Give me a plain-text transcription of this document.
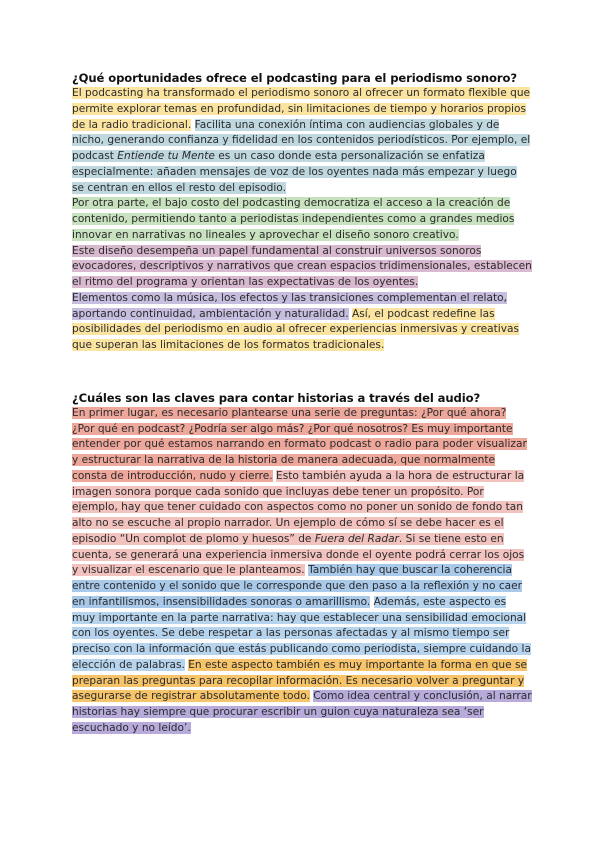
¿Qué oportunidades ofrece el podcasting para el periodismo sonoro?

El podcasting ha transformado el periodismo sonoro al ofrecer un formato flexible que permite explorar temas en profundidad, sin limitaciones de tiempo y horarios propios de la radio tradicional. Facilita una conexión íntima con audiencias globales y de nicho, generando confianza y fidelidad en los contenidos periodísticos. Por ejemplo, el podcast Entiende tu Mente es un caso donde esta personalización se enfatiza especialmente: añaden mensajes de voz de los oyentes nada más empezar y luego se centran en ellos el resto del episodio.
Por otra parte, el bajo costo del podcasting democratiza el acceso a la creación de contenido, permitiendo tanto a periodistas independientes como a grandes medios innovar en narrativas no lineales y aprovechar el diseño sonoro creativo.
Este diseño desempeña un papel fundamental al construir universos sonoros evocadores, descriptivos y narrativos que crean espacios tridimensionales, establecen el ritmo del programa y orientan las expectativas de los oyentes.
Elementos como la música, los efectos y las transiciones complementan el relato, aportando continuidad, ambientación y naturalidad. Así, el podcast redefine las posibilidades del periodismo en audio al ofrecer experiencias inmersivas y creativas que superan las limitaciones de los formatos tradicionales.

¿Cuáles son las claves para contar historias a través del audio?

En primer lugar, es necesario plantearse una serie de preguntas: ¿Por qué ahora? ¿Por qué en podcast? ¿Podría ser algo más? ¿Por qué nosotros? Es muy importante entender por qué estamos narrando en formato podcast o radio para poder visualizar y estructurar la narrativa de la historia de manera adecuada, que normalmente consta de introducción, nudo y cierre. Esto también ayuda a la hora de estructurar la imagen sonora porque cada sonido que incluyas debe tener un propósito. Por ejemplo, hay que tener cuidado con aspectos como no poner un sonido de fondo tan alto no se escuche al propio narrador. Un ejemplo de cómo sí se debe hacer es el episodio “Un complot de plomo y huesos” de Fuera del Radar. Si se tiene esto en cuenta, se generará una experiencia inmersiva donde el oyente podrá cerrar los ojos y visualizar el escenario que le planteamos. También hay que buscar la coherencia entre contenido y el sonido que le corresponde que den paso a la reflexión y no caer en infantilismos, insensibilidades sonoras o amarillismo. Además, este aspecto es muy importante en la parte narrativa: hay que establecer una sensibilidad emocional con los oyentes. Se debe respetar a las personas afectadas y al mismo tiempo ser preciso con la información que estás publicando como periodista, siempre cuidando la elección de palabras. En este aspecto también es muy importante la forma en que se preparan las preguntas para recopilar información. Es necesario volver a preguntar y asegurarse de registrar absolutamente todo. Como idea central y conclusión, al narrar historias hay siempre que procurar escribir un guion cuya naturaleza sea ‘ser escuchado y no leído’.
